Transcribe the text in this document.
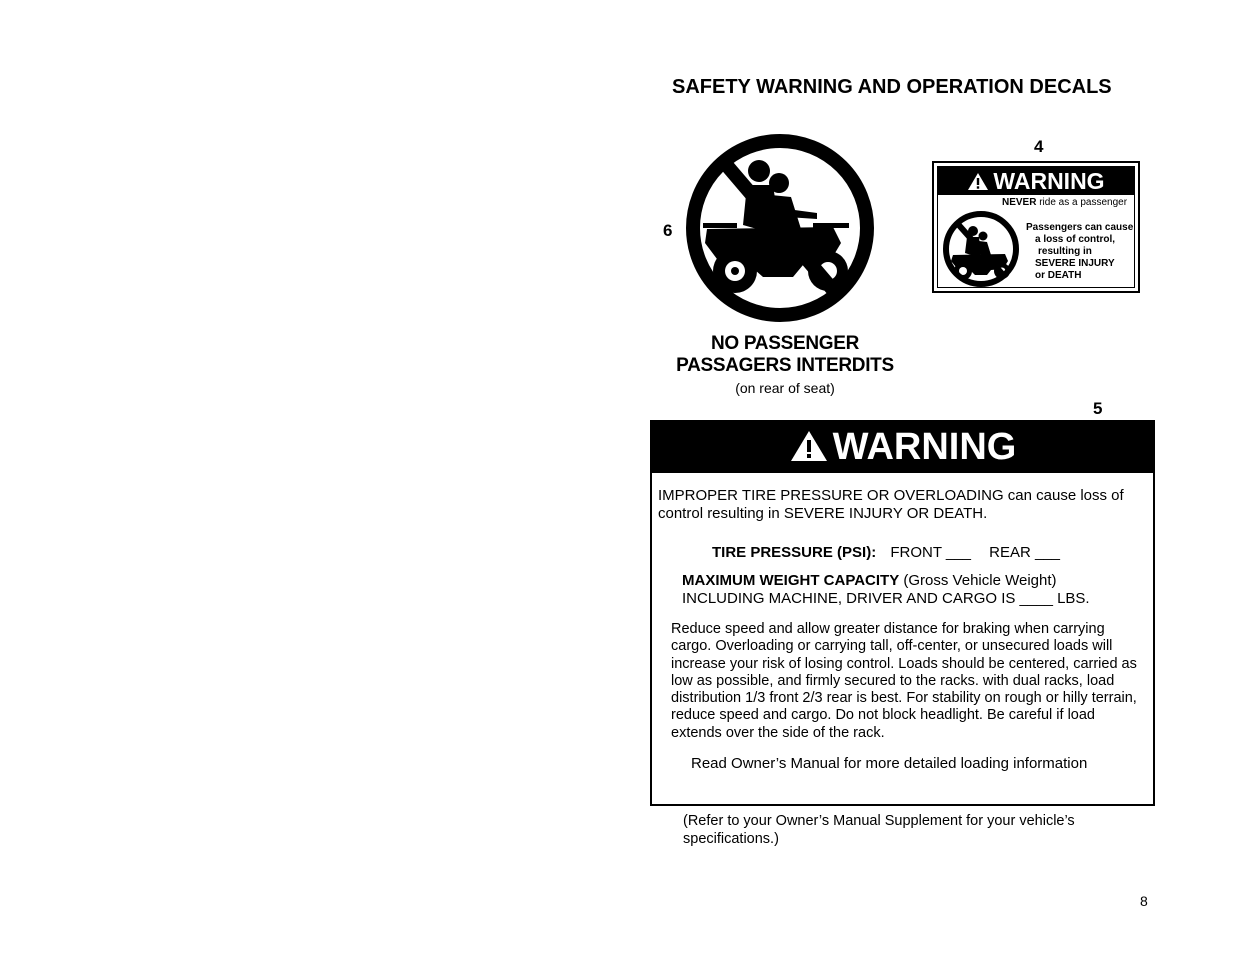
SAFETY WARNING AND OPERATION DECALS
6
NO PASSENGER
PASSAGERS INTERDITS
(on rear of seat)
4
WARNING
NEVER ride as a passenger
Passengers can cause
a loss of control,
resulting in
SEVERE INJURY
or DEATH
5
WARNING
IMPROPER TIRE PRESSURE OR OVERLOADING can cause loss of control resulting in SEVERE INJURY OR DEATH.
TIRE PRESSURE (PSI): FRONT ___ REAR ___
MAXIMUM WEIGHT CAPACITY (Gross Vehicle Weight)
INCLUDING MACHINE, DRIVER AND CARGO IS ____ LBS.
Reduce speed and allow greater distance for braking when carrying cargo. Overloading or carrying tall, off-center, or unsecured loads will increase your risk of losing control. Loads should be centered, carried as low as possible, and firmly secured to the racks. with dual racks, load distribution 1/3 front 2/3 rear is best. For stability on rough or hilly terrain, reduce speed and cargo. Do not block headlight. Be careful if load extends over the side of the rack.
Read Owner’s Manual for more detailed loading information
(Refer to your Owner’s Manual Supplement for your vehicle’s specifications.)
8
